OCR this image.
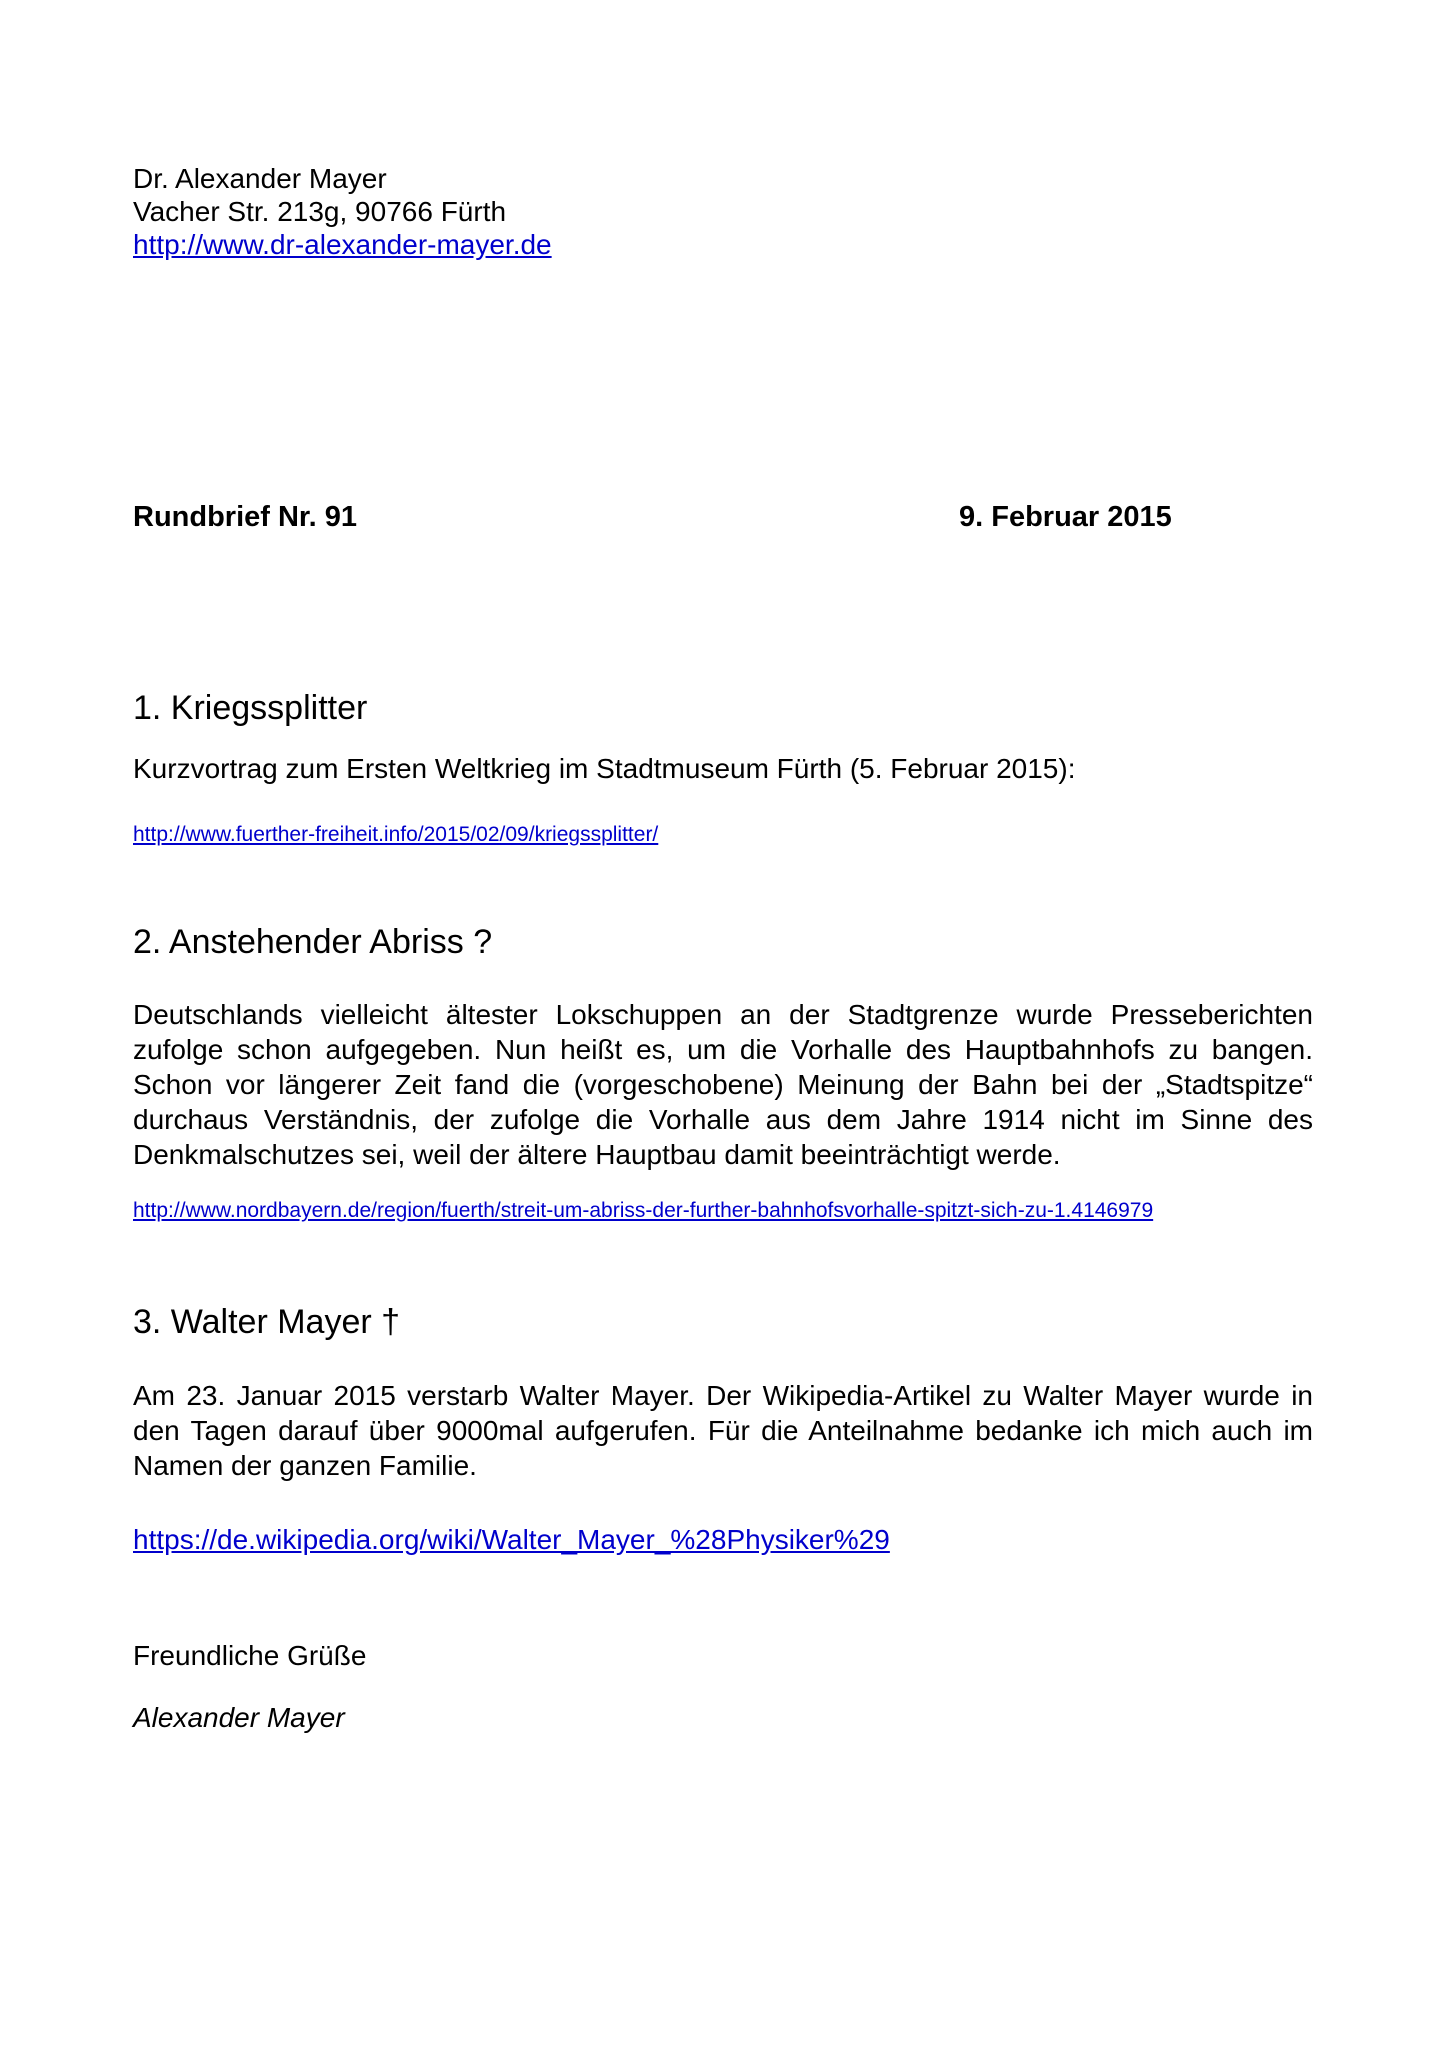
Dr. Alexander Mayer
Vacher Str. 213g, 90766 Fürth
http://www.dr-alexander-mayer.de
Rundbrief Nr. 91	9. Februar 2015
1. Kriegssplitter

Kurzvortrag zum Ersten Weltkrieg im Stadtmuseum Fürth (5. Februar 2015):

http://www.fuerther-freiheit.info/2015/02/09/kriegssplitter/
2. Anstehender Abriss ?

Deutschlands vielleicht ältester Lokschuppen an der Stadtgrenze wurde Presseberichten zufolge schon aufgegeben. Nun heißt es, um die Vorhalle des Hauptbahnhofs zu bangen. Schon vor längerer Zeit fand die (vorgeschobene) Meinung der Bahn bei der „Stadtspitze“ durchaus Verständnis, der zufolge die Vorhalle aus dem Jahre 1914 nicht im Sinne des Denkmalschutzes sei, weil der ältere Hauptbau damit beeinträchtigt werde.

http://www.nordbayern.de/region/fuerth/streit-um-abriss-der-further-bahnhofsvorhalle-spitzt-sich-zu-1.4146979
3. Walter Mayer †

Am 23. Januar 2015 verstarb Walter Mayer. Der Wikipedia-Artikel zu Walter Mayer wurde in den Tagen darauf über 9000mal aufgerufen. Für die Anteilnahme bedanke ich mich auch im Namen der ganzen Familie.

https://de.wikipedia.org/wiki/Walter_Mayer_%28Physiker%29
Freundliche Grüße
Alexander Mayer
